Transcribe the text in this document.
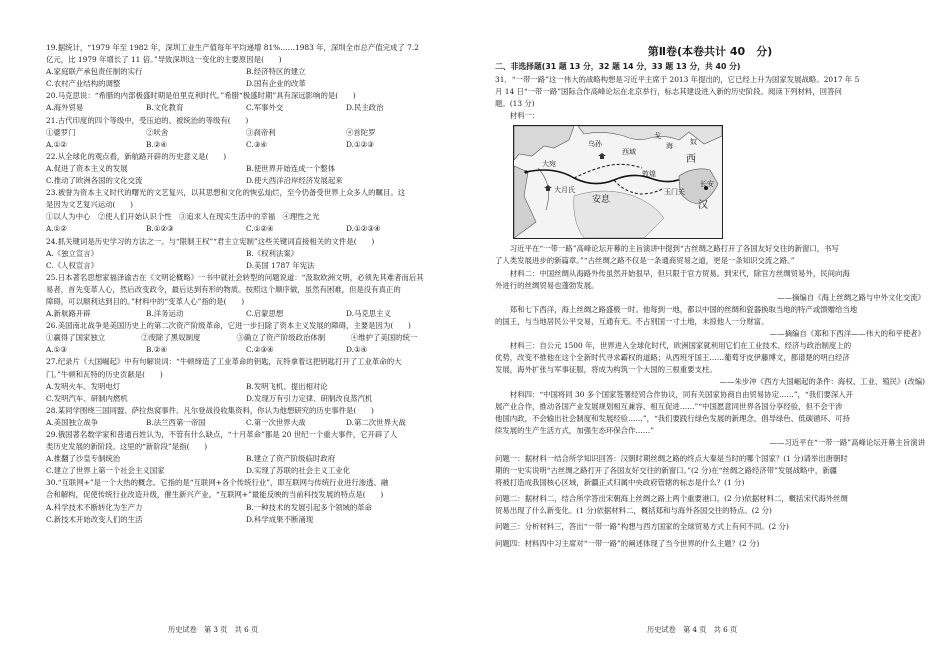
19.据统计，“1979 年至 1982 年，深圳工业生产值每年平均递增 81%……1983 年，深圳全市总产值完成了 7.2

亿元，比 1979 年增长了 11 倍。”导致深圳这一变化的主要原因是(　　)

A.家庭联产承包责任制的实行	B.经济特区的建立
C.农村产业结构的调整	D.国有企业的改革

20.马克思说：“希腊的内部极盛时期是伯里克利时代。”希腊“极盛时期”具有深远影响的是(　　)

A.海外贸易	B.文化教育	C.军事外交	D.民主政治

21.古代印度的四个等级中，受压迫的、被统治的等级有(　　)

①婆罗门	②吠舍	③刹帝利	④首陀罗
A.①②	B.②④	C.③④	D.①②③

22.从全球化的观点看，新航路开辟的历史意义是(　　)

A.促进了资本主义的发展	B.使世界开始连成一个整体
C.推动了欧洲各国的文化交流	D.使大西洋沿岸经济发展起来

23.被誉为资本主义时代的曙光的文艺复兴，以其思想和文化的恢弘灿烂，至今仍备受世界上众多人的瞩目。这

是因为文艺复兴运动(　　)

①以人为中心　②使人们开始认识个性　③追求人在现实生活中的幸福　④理性之光

A.①②	B.①②③	C.①②④	D.①②③④

24.抓关键词是历史学习的方法之一。与“限制王权”“君主立宪制”这些关键词直接相关的文件是(　　)

A.《独立宣言》	B.《权利法案》
C.《人权宣言》	D.美国 1787 年宪法

25.日本著名思想家福泽谕吉在《文明论概略》一书中就社会转型的问题说道：“汲取欧洲文明，必须先其难者而后其

易者，首先变革人心，然后改变政令，最后达到有形的物质。按照这个顺序做，虽然有困难，但是没有真正的

障碍，可以顺利达到目的。”材料中的“变革人心”指的是(　　)

A.新航路开辟	B.洋务运动	C.启蒙思想	D.马克思主义

26.美国南北战争是美国历史上的第二次资产阶级革命，它进一步扫除了资本主义发展的障碍，主要是因为(　　)

①赢得了国家独立	②废除了黑奴制度	③确立了资产阶级政治体制	④维护了美国的统一
A.①③	B.②④	C.②③④	D.①④

27.纪录片《大国崛起》中有句解说词：“牛顿缔造了工业革命的钥匙，瓦特拿着这把钥匙打开了工业革命的大

门。”牛顿和瓦特的历史贡献是(　　)

A.发明火车、发明电灯	B.发明飞机、提出相对论
C.发明汽车、研制内燃机	D.发现万有引力定律、研制改良蒸汽机

28.某同学围绕三国同盟、萨拉热窝事件、凡尔登战役收集资料，你认为他想研究的历史事件是(　　)

A.美国独立战争	B.法兰西第一帝国	C.第一次世界大战	D.第二次世界大战

29.俄国著名数学家和普通百姓认为，不管有什么缺点，“十月革命”都是 20 世纪一个重大事件，它开辟了人

类历史发展的新阶段。这里的“新阶段”是指(　　)

A.推翻了沙皇专制统治	B.建立了资产阶级临时政府
C.建立了世界上第一个社会主义国家	D.实现了苏联的社会主义工业化

30.“互联网+”是一个大热的概念。它指的是“互联网+各个传统行业”，即互联网与传统行业进行渗透、融

合和解构，促使传统行业改造升级，催生新兴产业。“互联网+”最能反映的当前科技发展的特点是(　　)

A.科学技术不断转化为生产力	B.一种技术的发展引起多个领域的革命
C.新技术开始改变人们的生活	D.科学成果不断涌现
历史试卷　第 3 页　共 6 页

第Ⅱ卷(本卷共计 40　分)

二、非选择题(31 题 13 分，32 题 14 分，33 题 13 分，共 40 分)

31．“一带一路”这一伟大的战略构想是习近平主席于 2013 年提出的，它已经上升为国家发展战略。2017 年 5

月 14 日“一带一路”国际合作高峰论坛在北京举行，标志其建设进入新的历史阶段。阅读下列材料，回答问

题。(13 分)

材料一：

乌孙
大宛
大月氏
安息
敦煌
玉门关
西域
西
汉
长安
戈
奴
海

习近平在“一带一路”高峰论坛开幕的主旨演讲中提到“古丝绸之路打开了各国友好交往的新窗口，书写

了人类发展进步的新篇章。”“古丝绸之路不仅是一条通商贸易之道，更是一条知识交流之路。”

材料二：中国丝绸从海路外传虽然开始很早，但只限于官方贸易。到宋代，除官方丝绸贸易外，民间向海

外进行的丝绸贸易也蓬勃发展。

——摘编自《海上丝绸之路与中外文化交流》

郑和七下西洋，海上丝绸之路盛极一时。他每到一地，都以中国的丝绸和瓷器换取当地的特产或馈赠给当地

的国王，与当地居民公平交易，互通有无。不占别国一寸土地，未掠他人一分财富。

——摘编自《郑和下西洋——伟大的和平使者》

材料三：自公元 1500 年，世界进入全球化时代，欧洲国家就利用它们在工业技术、经济与政治制度上的

优势，改变不推他在这个全新时代寻求霸权的道路；从西班牙国王……葡萄牙皮伊藤博文，都谱楚的明白经济

发展，海外扩张与军事征服，将成为构筑一个大国的三根重要支柱。

——朱步冲《西方大国崛起的条件：海权、工业、殖民》(改编)

材料四：“中国将同 30 多个国家签署经贸合作协议，同有关国家协商自由贸易协定……”，“我们要深入开

展产业合作，推动各国产业发展规划相互兼容、相互促进……”“中国愿意同世界各国分享经验，但不会干涉

他国内政，不会输出社会制度和发展经验……”，“我们要践行绿色发展的新理念，倡导绿色、低碳循环、可持

续发展的生产生活方式，加强生态环保合作……”

——习近平在“一带一路”高峰论坛开幕主旨演讲

问题一：据材料一结合所学知识回答：汉朝时期丝绸之路的终点大秦是当时的哪个国家？(1 分)请举出唐朝时

期的一史实说明“古丝绸之路打开了各国友好交往的新窗口。”(2 分)在“丝绸之路经济带”发展战略中，新疆

将被打造成我国核心区域，新疆正式归属中央政府管辖的标志是什么？(1 分)

问题二：据材料二，结合所学答出宋朝海上丝绸之路上两个重要港口。(2 分)依据材料二，概括宋代海外丝绸

贸易出现了什么新变化。(1 分)依据材料二，概括郑和与海外各国交往的特点。(2 分)

问题三：分析材料三，答出“一带一路”构想与西方国家的全球贸易方式上有何不同。(2 分)

问题四：材料四中习主席对“一带一路”的阐述体现了当今世界的什么主题？(2 分)

历史试卷　第 4 页　共 6 页
